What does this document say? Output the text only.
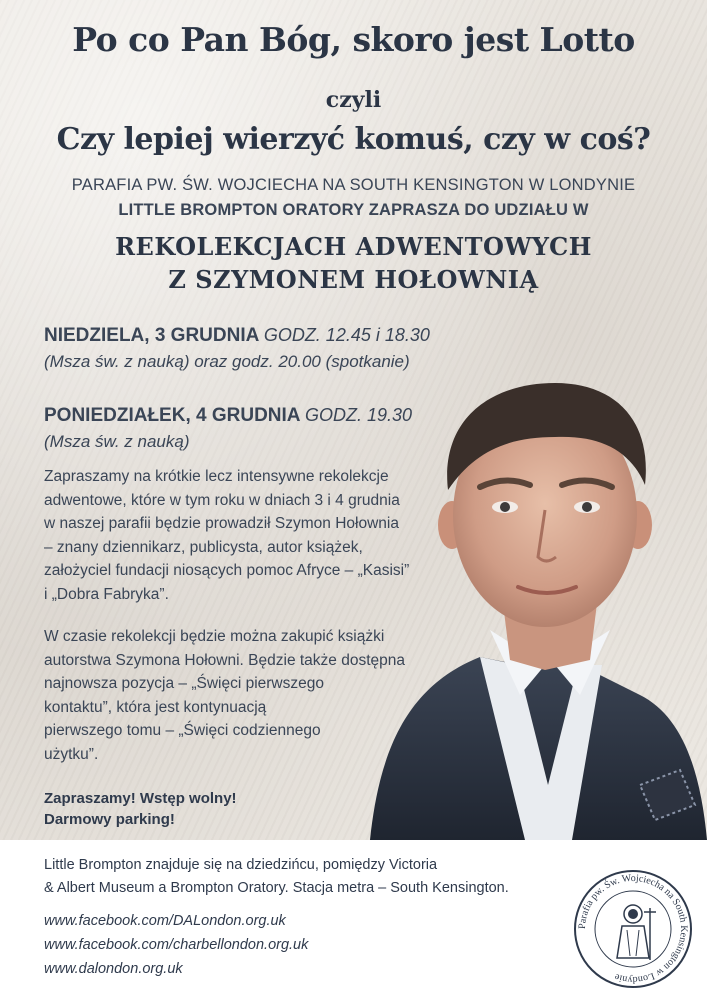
Po co Pan Bóg, skoro jest Lotto
czyli
Czy lepiej wierzyć komuś, czy w coś?
PARAFIA PW. ŚW. WOJCIECHA NA SOUTH KENSINGTON W LONDYNIE
LITTLE BROMPTON ORATORY ZAPRASZA DO UDZIAŁU W
REKOLEKCJACH ADWENTOWYCH
Z SZYMONEM HOŁOWNIĄ
NIEDZIELA, 3 GRUDNIA GODZ. 12.45 i 18.30
(Msza św. z nauką) oraz godz. 20.00 (spotkanie)
PONIEDZIAŁEK, 4 GRUDNIA GODZ. 19.30
(Msza św. z nauką)
Zapraszamy na krótkie lecz intensywne rekolekcje
adwentowe, które w tym roku w dniach 3 i 4 grudnia
w naszej parafii będzie prowadził Szymon Hołownia
– znany dziennikarz, publicysta, autor książek,
założyciel fundacji niosących pomoc Afryce – „Kasisi”
i „Dobra Fabryka”.
W czasie rekolekcji będzie można zakupić książki
autorstwa Szymona Hołowni. Będzie także dostępna
najnowsza pozycja – „Święci pierwszego
kontaktu”, która jest kontynuacją
pierwszego tomu – „Święci codziennego
użytku”.
Zapraszamy! Wstęp wolny!
Darmowy parking!
Little Brompton znajduje się na dziedzińcu, pomiędzy Victoria
& Albert Museum a Brompton Oratory. Stacja metra – South Kensington.
www.facebook.com/DALondon.org.uk
www.facebook.com/charbellondon.org.uk
www.dalondon.org.uk
Parafia pw. Św. Wojciecha na South Kensington w Londynie
